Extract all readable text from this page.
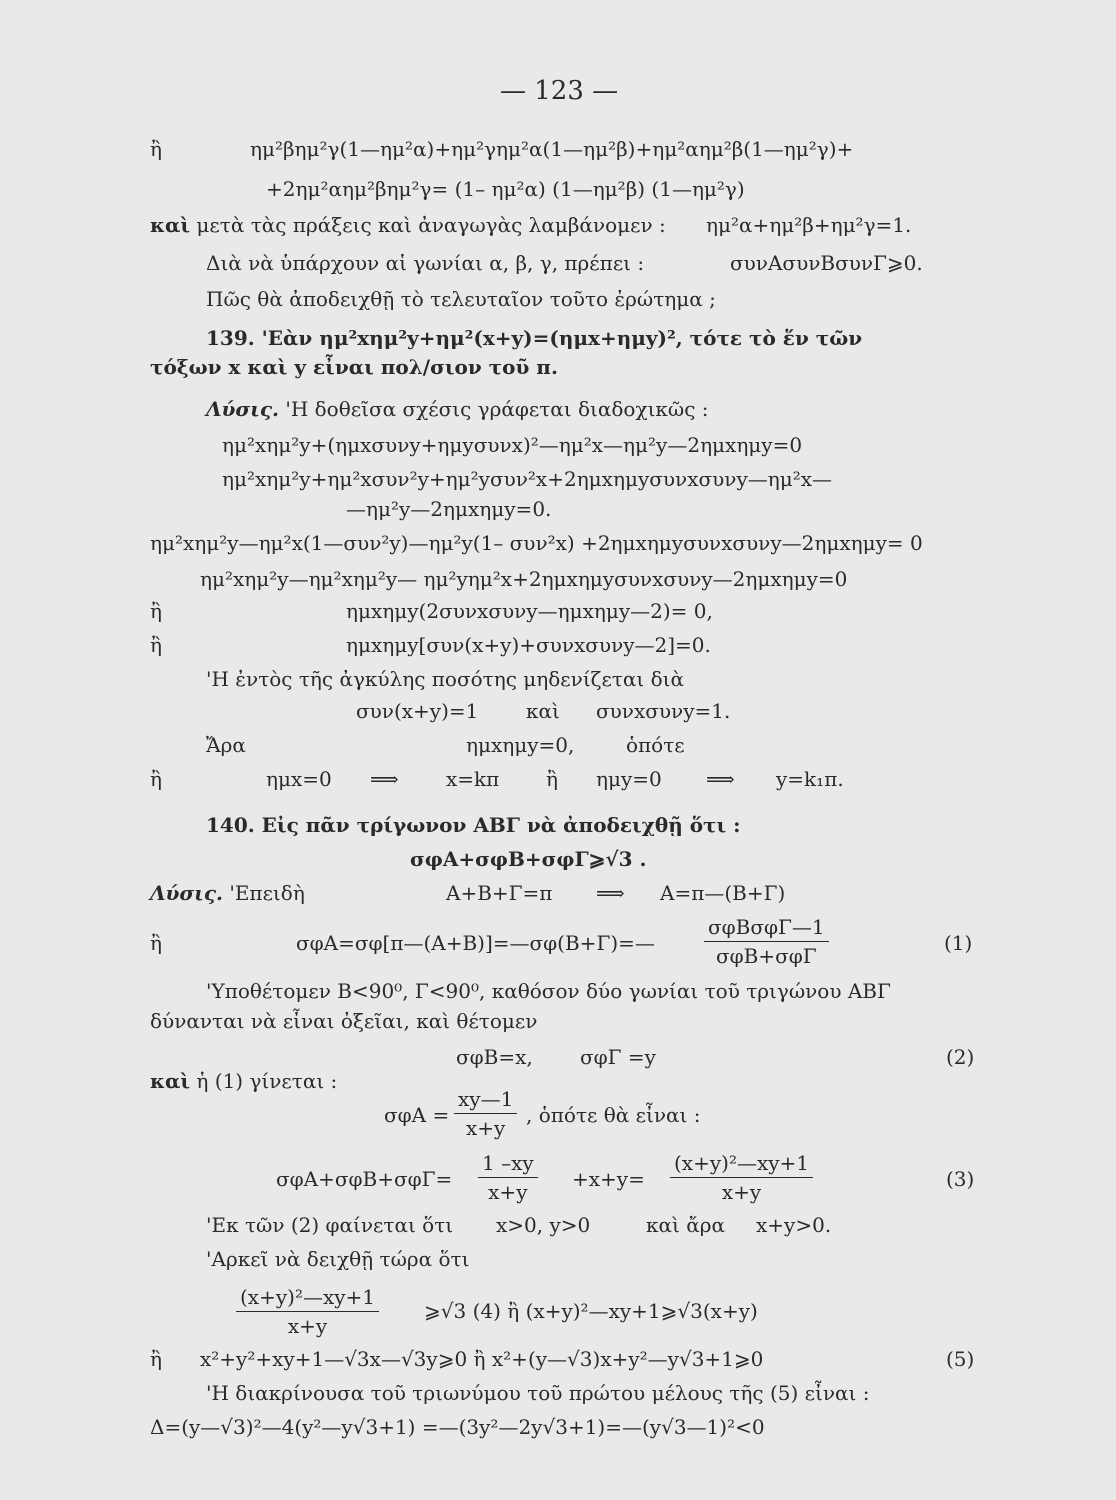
— 123 —
ἢ	ημ²βημ²γ(1—ημ²α)+ημ²γημ²α(1—ημ²β)+ημ²αημ²β(1—ημ²γ)+
+2ημ²αημ²βημ²γ= (1– ημ²α) (1—ημ²β) (1—ημ²γ)
καὶ μετὰ τὰς πράξεις καὶ ἀναγωγὰς λαμβάνομεν : ημ²α+ημ²β+ημ²γ=1.
Διὰ νὰ ὑπάρχουν αἱ γωνίαι α, β, γ, πρέπει :	συνΑσυνΒσυνΓ⩾0.
Πῶς θὰ ἀποδειχθῇ τὸ τελευταῖον τοῦτο ἐρώτημα ;
139. 'Εὰν ημ²xημ²y+ημ²(x+y)=(ημx+ημy)², τότε τὸ ἕν τῶν
τόξων x καὶ y εἶναι πολ/σιον τοῦ π.
Λύσις. 'Η δοθεῖσα σχέσις γράφεται διαδοχικῶς :
ημ²xημ²y+(ημxσυνy+ημyσυνx)²—ημ²x—ημ²y—2ημxημy=0
ημ²xημ²y+ημ²xσυν²y+ημ²yσυν²x+2ημxημyσυνxσυνy—ημ²x—
—ημ²y—2ημxημy=0.
ημ²xημ²y—ημ²x(1—συν²y)—ημ²y(1– συν²x) +2ημxημyσυνxσυνy—2ημxημy= 0
ημ²xημ²y—ημ²xημ²y— ημ²yημ²x+2ημxημyσυνxσυνy—2ημxημy=0
ἢ	ημxημy(2συνxσυνy—ημxημy—2)= 0,
ἢ	ημxημy[συν(x+y)+συνxσυνy—2]=0.
'Η ἐντὸς τῆς ἀγκύλης ποσότης μηδενίζεται διὰ
συν(x+y)=1 καὶ συνxσυνy=1.
Ἄρα	ημxημy=0,	ὁπότε
ἢ	ημx=0 ⟹ x=kπ ἢ ημy=0 ⟹ y=k₁π.
140. Εἰς πᾶν τρίγωνον ΑΒΓ νὰ ἀποδειχθῇ ὅτι :
σφΑ+σφΒ+σφΓ⩾√3 .
Λύσις. 'Επειδὴ	Α+Β+Γ=π ⟹ Α=π—(Β+Γ)
ἢ	σφΑ=σφ[π—(Α+Β)]=—σφ(Β+Γ)=—
σφΒσφΓ—1
σφΒ+σφΓ
(1)
'Υποθέτομεν Β<90⁰, Γ<90⁰, καθόσον δύο γωνίαι τοῦ τριγώνου ΑΒΓ
δύνανται νὰ εἶναι ὀξεῖαι, καὶ θέτομεν
σφΒ=x, σφΓ =y	(2)
καὶ ἡ (1) γίνεται :
σφΑ =
xy—1
x+y
, ὁπότε θὰ εἶναι :
σφΑ+σφΒ+σφΓ=
1 –xy
x+y
+x+y=
(x+y)²—xy+1
x+y
(3)
'Εκ τῶν (2) φαίνεται ὅτι x>0, y>0	καὶ ἄρα x+y>0.
'Αρκεῖ νὰ δειχθῇ τώρα ὅτι
(x+y)²—xy+1
x+y
⩾√3 (4) ἢ (x+y)²—xy+1⩾√3(x+y)
ἢ x²+y²+xy+1—√3x—√3y⩾0 ἢ x²+(y—√3)x+y²—y√3+1⩾0	(5)
'Η διακρίνουσα τοῦ τριωνύμου τοῦ πρώτου μέλους τῆς (5) εἶναι :
Δ=(y—√3)²—4(y²—y√3+1) =—(3y²—2y√3+1)=—(y√3—1)²<0
